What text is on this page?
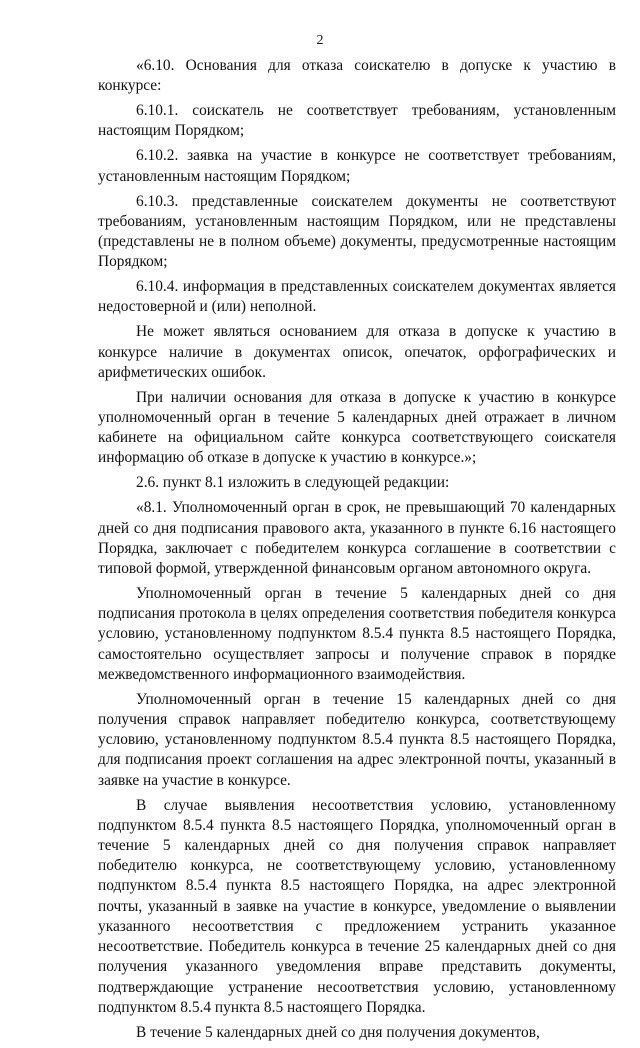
2

«6.10. Основания для отказа соискателю в допуске к участию в конкурсе:

6.10.1. соискатель не соответствует требованиям, установленным настоящим Порядком;

6.10.2. заявка на участие в конкурсе не соответствует требованиям, установленным настоящим Порядком;

6.10.3. представленные соискателем документы не соответствуют требованиям, установленным настоящим Порядком, или не представлены (представлены не в полном объеме) документы, предусмотренные настоящим Порядком;

6.10.4. информация в представленных соискателем документах является недостоверной и (или) неполной.

Не может являться основанием для отказа в допуске к участию в конкурсе наличие в документах описок, опечаток, орфографических и арифметических ошибок.

При наличии основания для отказа в допуске к участию в конкурсе уполномоченный орган в течение 5 календарных дней отражает в личном кабинете на официальном сайте конкурса соответствующего соискателя информацию об отказе в допуске к участию в конкурсе.»;

2.6. пункт 8.1 изложить в следующей редакции:

«8.1. Уполномоченный орган в срок, не превышающий 70 календарных дней со дня подписания правового акта, указанного в пункте 6.16 настоящего Порядка, заключает с победителем конкурса соглашение в соответствии с типовой формой, утвержденной финансовым органом автономного округа.

Уполномоченный орган в течение 5 календарных дней со дня подписания протокола в целях определения соответствия победителя конкурса условию, установленному подпунктом 8.5.4 пункта 8.5 настоящего Порядка, самостоятельно осуществляет запросы и получение справок в порядке межведомственного информационного взаимодействия.

Уполномоченный орган в течение 15 календарных дней со дня получения справок направляет победителю конкурса, соответствующему условию, установленному подпунктом 8.5.4 пункта 8.5 настоящего Порядка, для подписания проект соглашения на адрес электронной почты, указанный в заявке на участие в конкурсе.

В случае выявления несоответствия условию, установленному подпунктом 8.5.4 пункта 8.5 настоящего Порядка, уполномоченный орган в течение 5 календарных дней со дня получения справок направляет победителю конкурса, не соответствующему условию, установленному подпунктом 8.5.4 пункта 8.5 настоящего Порядка, на адрес электронной почты, указанный в заявке на участие в конкурсе, уведомление о выявлении указанного несоответствия с предложением устранить указанное несоответствие. Победитель конкурса в течение 25 календарных дней со дня получения указанного уведомления вправе представить документы, подтверждающие устранение несоответствия условию, установленному подпунктом 8.5.4 пункта 8.5 настоящего Порядка.

В течение 5 календарных дней со дня получения документов,
